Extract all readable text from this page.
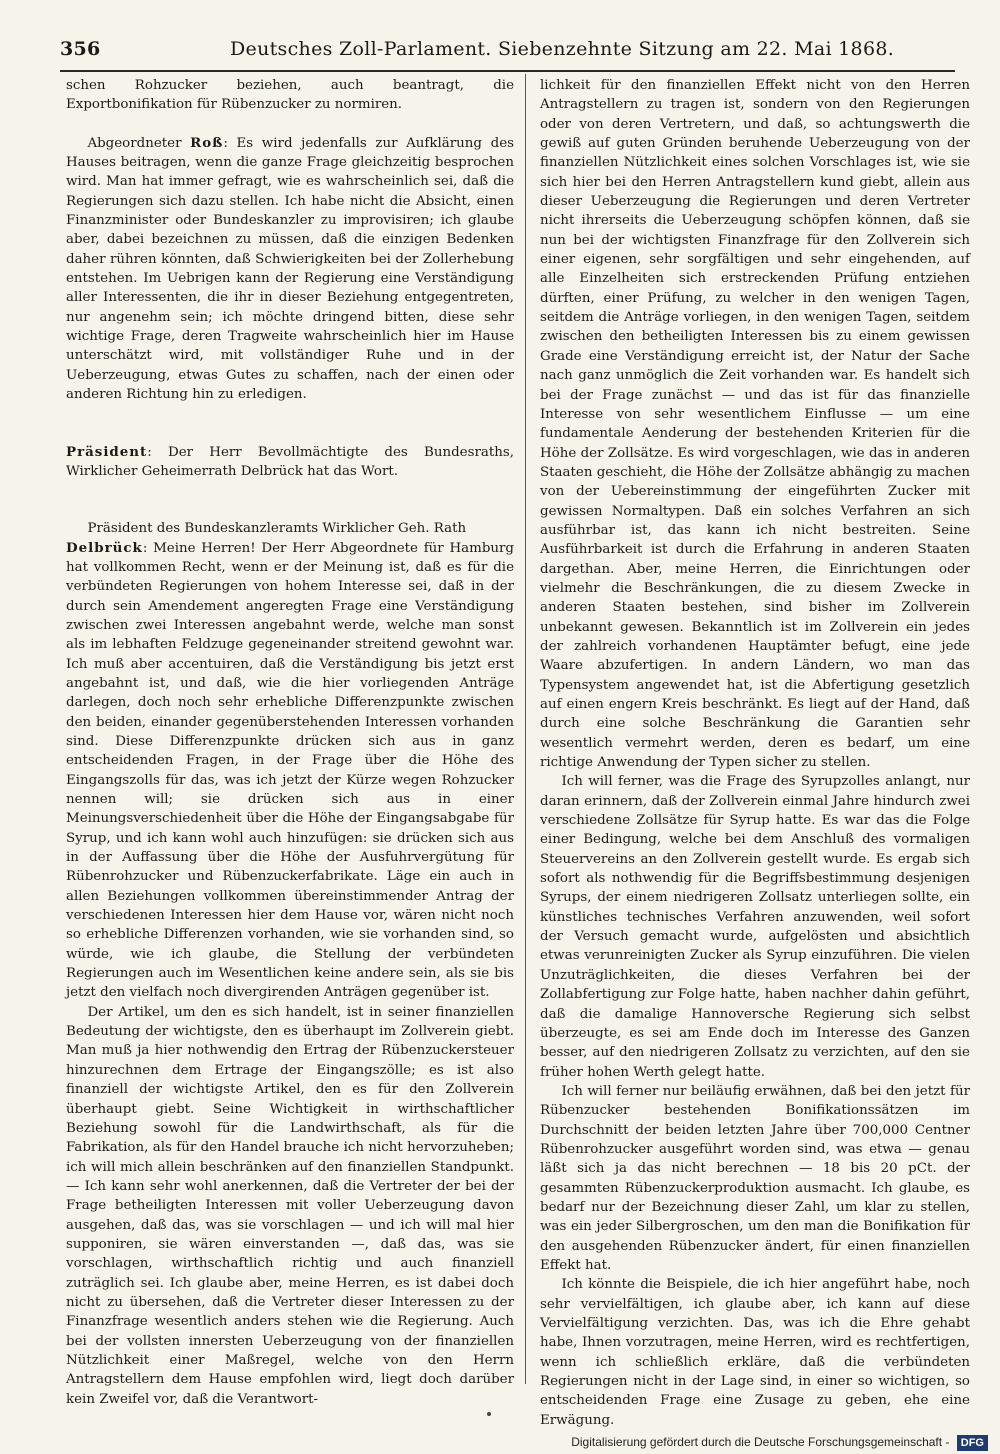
356	Deutsches Zoll-Parlament. Siebenzehnte Sitzung am 22. Mai 1868.

schen Rohzucker beziehen, auch beantragt, die Exportbonifikation für Rübenzucker zu normiren.

Abgeordneter Roß: Es wird jedenfalls zur Aufklärung des Hauses beitragen, wenn die ganze Frage gleichzeitig besprochen wird. Man hat immer gefragt, wie es wahrscheinlich sei, daß die Regierungen sich dazu stellen. Ich habe nicht die Absicht, einen Finanzminister oder Bundeskanzler zu improvisiren; ich glaube aber, dabei bezeichnen zu müssen, daß die einzigen Bedenken daher rühren könnten, daß Schwierigkeiten bei der Zollerhebung entstehen. Im Uebrigen kann der Regierung eine Verständigung aller Interessenten, die ihr in dieser Beziehung entgegentreten, nur angenehm sein; ich möchte dringend bitten, diese sehr wichtige Frage, deren Tragweite wahrscheinlich hier im Hause unterschätzt wird, mit vollständiger Ruhe und in der Ueberzeugung, etwas Gutes zu schaffen, nach der einen oder anderen Richtung hin zu erledigen.

Präsident: Der Herr Bevollmächtigte des Bundesraths, Wirklicher Geheimerrath Delbrück hat das Wort.

Präsident des Bundeskanzleramts Wirklicher Geh. Rath

Delbrück: Meine Herren! Der Herr Abgeordnete für Hamburg hat vollkommen Recht, wenn er der Meinung ist, daß es für die verbündeten Regierungen von hohem Interesse sei, daß in der durch sein Amendement angeregten Frage eine Verständigung zwischen zwei Interessen angebahnt werde, welche man sonst als im lebhaften Feldzuge gegeneinander streitend gewohnt war. Ich muß aber accentuiren, daß die Verständigung bis jetzt erst angebahnt ist, und daß, wie die hier vorliegenden Anträge darlegen, doch noch sehr erhebliche Differenzpunkte zwischen den beiden, einander gegenüberstehenden Interessen vorhanden sind. Diese Differenzpunkte drücken sich aus in ganz entscheidenden Fragen, in der Frage über die Höhe des Eingangszolls für das, was ich jetzt der Kürze wegen Rohzucker nennen will; sie drücken sich aus in einer Meinungsverschiedenheit über die Höhe der Eingangsabgabe für Syrup, und ich kann wohl auch hinzufügen: sie drücken sich aus in der Auffassung über die Höhe der Ausfuhrvergütung für Rübenrohzucker und Rübenzuckerfabrikate. Läge ein auch in allen Beziehungen vollkommen übereinstimmender Antrag der verschiedenen Interessen hier dem Hause vor, wären nicht noch so erhebliche Differenzen vorhanden, wie sie vorhanden sind, so würde, wie ich glaube, die Stellung der verbündeten Regierungen auch im Wesentlichen keine andere sein, als sie bis jetzt den vielfach noch divergirenden Anträgen gegenüber ist.

Der Artikel, um den es sich handelt, ist in seiner finanziellen Bedeutung der wichtigste, den es überhaupt im Zollverein giebt. Man muß ja hier nothwendig den Ertrag der Rübenzuckersteuer hinzurechnen dem Ertrage der Eingangszölle; es ist also finanziell der wichtigste Artikel, den es für den Zollverein überhaupt giebt. Seine Wichtigkeit in wirthschaftlicher Beziehung sowohl für die Landwirthschaft, als für die Fabrikation, als für den Handel brauche ich nicht hervorzuheben; ich will mich allein beschränken auf den finanziellen Standpunkt. — Ich kann sehr wohl anerkennen, daß die Vertreter der bei der Frage betheiligten Interessen mit voller Ueberzeugung davon ausgehen, daß das, was sie vorschlagen — und ich will mal hier supponiren, sie wären einverstanden —, daß das, was sie vorschlagen, wirthschaftlich richtig und auch finanziell zuträglich sei. Ich glaube aber, meine Herren, es ist dabei doch nicht zu übersehen, daß die Vertreter dieser Interessen zu der Finanzfrage wesentlich anders stehen wie die Regierung. Auch bei der vollsten innersten Ueberzeugung von der finanziellen Nützlichkeit einer Maßregel, welche von den Herrn Antragstellern dem Hause empfohlen wird, liegt doch darüber kein Zweifel vor, daß die Verantwort-

lichkeit für den finanziellen Effekt nicht von den Herren Antragstellern zu tragen ist, sondern von den Regierungen oder von deren Vertretern, und daß, so achtungswerth die gewiß auf guten Gründen beruhende Ueberzeugung von der finanziellen Nützlichkeit eines solchen Vorschlages ist, wie sie sich hier bei den Herren Antragstellern kund giebt, allein aus dieser Ueberzeugung die Regierungen und deren Vertreter nicht ihrerseits die Ueberzeugung schöpfen können, daß sie nun bei der wichtigsten Finanzfrage für den Zollverein sich einer eigenen, sehr sorgfältigen und sehr eingehenden, auf alle Einzelheiten sich erstreckenden Prüfung entziehen dürften, einer Prüfung, zu welcher in den wenigen Tagen, seitdem die Anträge vorliegen, in den wenigen Tagen, seitdem zwischen den betheiligten Interessen bis zu einem gewissen Grade eine Verständigung erreicht ist, der Natur der Sache nach ganz unmöglich die Zeit vorhanden war. Es handelt sich bei der Frage zunächst — und das ist für das finanzielle Interesse von sehr wesentlichem Einflusse — um eine fundamentale Aenderung der bestehenden Kriterien für die Höhe der Zollsätze. Es wird vorgeschlagen, wie das in anderen Staaten geschieht, die Höhe der Zollsätze abhängig zu machen von der Uebereinstimmung der eingeführten Zucker mit gewissen Normaltypen. Daß ein solches Verfahren an sich ausführbar ist, das kann ich nicht bestreiten. Seine Ausführbarkeit ist durch die Erfahrung in anderen Staaten dargethan. Aber, meine Herren, die Einrichtungen oder vielmehr die Beschränkungen, die zu diesem Zwecke in anderen Staaten bestehen, sind bisher im Zollverein unbekannt gewesen. Bekanntlich ist im Zollverein ein jedes der zahlreich vorhandenen Hauptämter befugt, eine jede Waare abzufertigen. In andern Ländern, wo man das Typensystem angewendet hat, ist die Abfertigung gesetzlich auf einen engern Kreis beschränkt. Es liegt auf der Hand, daß durch eine solche Beschränkung die Garantien sehr wesentlich vermehrt werden, deren es bedarf, um eine richtige Anwendung der Typen sicher zu stellen.

Ich will ferner, was die Frage des Syrupzolles anlangt, nur daran erinnern, daß der Zollverein einmal Jahre hindurch zwei verschiedene Zollsätze für Syrup hatte. Es war das die Folge einer Bedingung, welche bei dem Anschluß des vormaligen Steuervereins an den Zollverein gestellt wurde. Es ergab sich sofort als nothwendig für die Begriffsbestimmung desjenigen Syrups, der einem niedrigeren Zollsatz unterliegen sollte, ein künstliches technisches Verfahren anzuwenden, weil sofort der Versuch gemacht wurde, aufgelösten und absichtlich etwas verunreinigten Zucker als Syrup einzuführen. Die vielen Unzuträglichkeiten, die dieses Verfahren bei der Zollabfertigung zur Folge hatte, haben nachher dahin geführt, daß die damalige Hannoversche Regierung sich selbst überzeugte, es sei am Ende doch im Interesse des Ganzen besser, auf den niedrigeren Zollsatz zu verzichten, auf den sie früher hohen Werth gelegt hatte.

Ich will ferner nur beiläufig erwähnen, daß bei den jetzt für Rübenzucker bestehenden Bonifikationssätzen im Durchschnitt der beiden letzten Jahre über 700,000 Centner Rübenrohzucker ausgeführt worden sind, was etwa — genau läßt sich ja das nicht berechnen — 18 bis 20 pCt. der gesammten Rübenzuckerproduktion ausmacht. Ich glaube, es bedarf nur der Bezeichnung dieser Zahl, um klar zu stellen, was ein jeder Silbergroschen, um den man die Bonifikation für den ausgehenden Rübenzucker ändert, für einen finanziellen Effekt hat.

Ich könnte die Beispiele, die ich hier angeführt habe, noch sehr vervielfältigen, ich glaube aber, ich kann auf diese Vervielfältigung verzichten. Das, was ich die Ehre gehabt habe, Ihnen vorzutragen, meine Herren, wird es rechtfertigen, wenn ich schließlich erkläre, daß die verbündeten Regierungen nicht in der Lage sind, in einer so wichtigen, so entscheidenden Frage eine Zusage zu geben, ehe eine Erwägung.

Digitalisierung gefördert durch die Deutsche Forschungsgemeinschaft - DFG
